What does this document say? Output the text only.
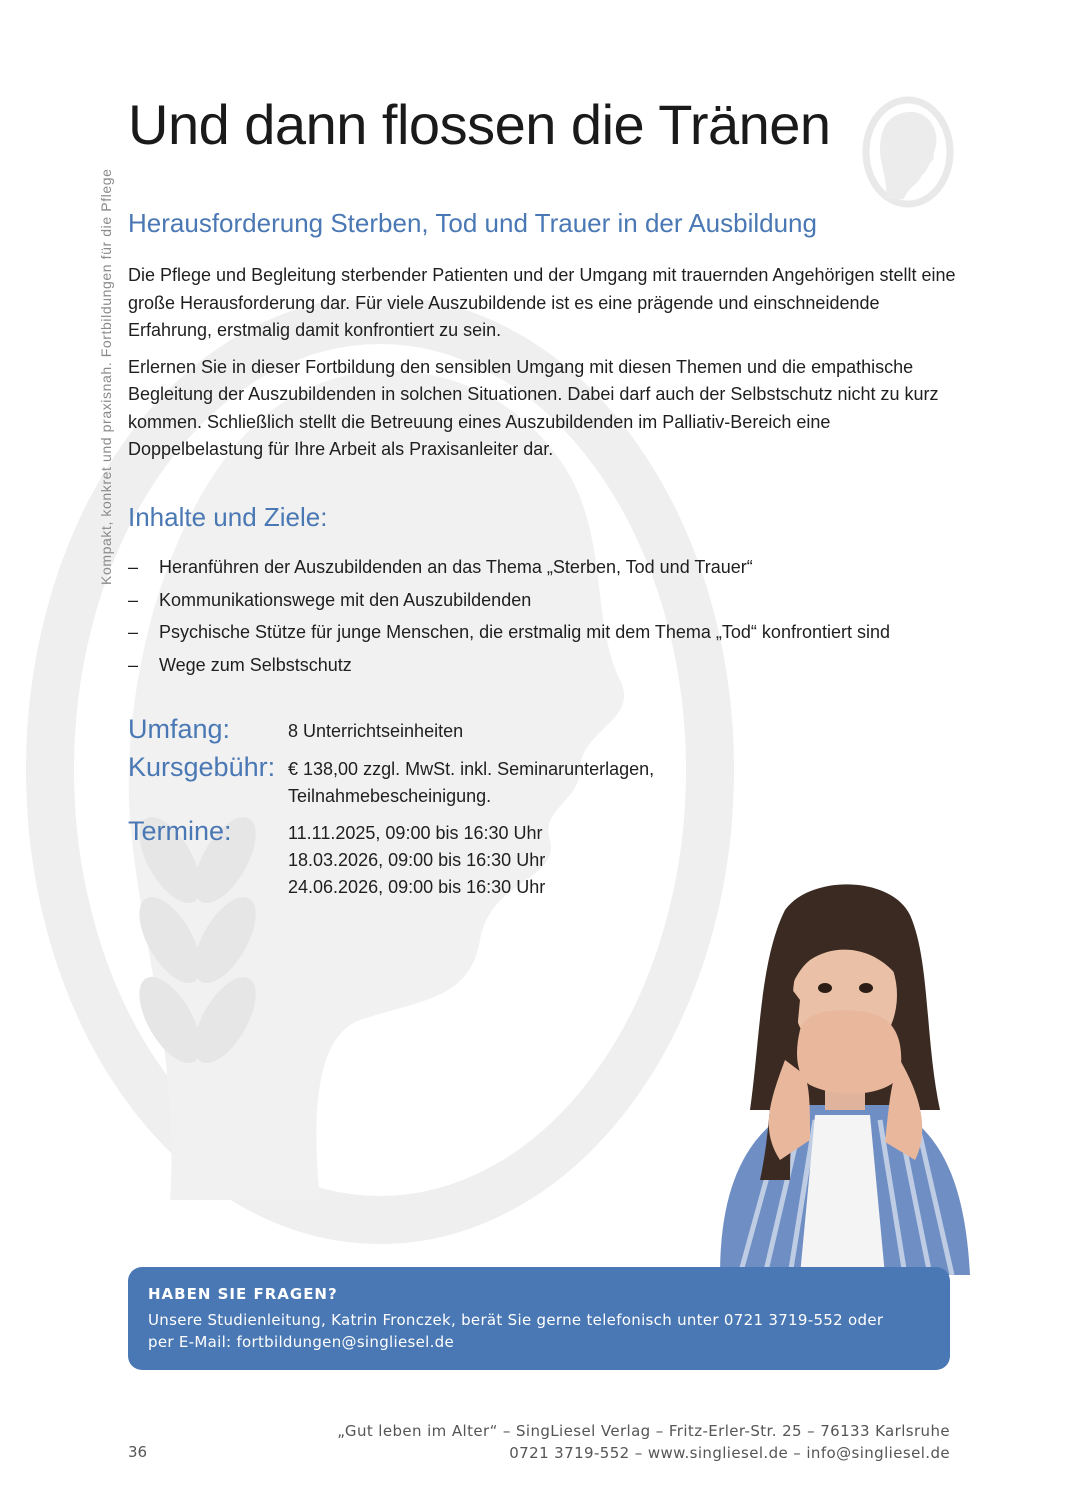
Kompakt, konkret und praxisnah. Fortbildungen für die Pflege
Und dann flossen die Tränen
Herausforderung Sterben, Tod und Trauer in der Ausbildung

Die Pflege und Begleitung sterbender Patienten und der Umgang mit trauernden Angehörigen stellt eine große Herausforderung dar. Für viele Auszubildende ist es eine prägende und einschneidende Erfahrung, erstmalig damit konfrontiert zu sein.

Erlernen Sie in dieser Fortbildung den sensiblen Umgang mit diesen Themen und die empathische Begleitung der Auszubildenden in solchen Situationen. Dabei darf auch der Selbstschutz nicht zu kurz kommen. Schließlich stellt die Betreuung eines Auszubildenden im Palliativ-Bereich eine Doppelbelastung für Ihre Arbeit als Praxisanleiter dar.

Inhalte und Ziele:
– Heranführen der Auszubildenden an das Thema „Sterben, Tod und Trauer“
– Kommunikationswege mit den Auszubildenden
– Psychische Stütze für junge Menschen, die erstmalig mit dem Thema „Tod“ konfrontiert sind
– Wege zum Selbstschutz
Umfang:	8 Unterrichtseinheiten
Kursgebühr: € 138,00 zzgl. MwSt. inkl. Seminarunterlagen,
Teilnahmebescheinigung.
Termine:	11.11.2025, 09:00 bis 16:30 Uhr
18.03.2026, 09:00 bis 16:30 Uhr
24.06.2026, 09:00 bis 16:30 Uhr
HABEN SIE FRAGEN?
Unsere Studienleitung, Katrin Fronczek, berät Sie gerne telefonisch unter 0721 3719-552 oder
per E-Mail: fortbildungen@singliesel.de
„Gut leben im Alter“ – SingLiesel Verlag – Fritz-Erler-Str. 25 – 76133 Karlsruhe
0721 3719-552 – www.singliesel.de – info@singliesel.de
36
